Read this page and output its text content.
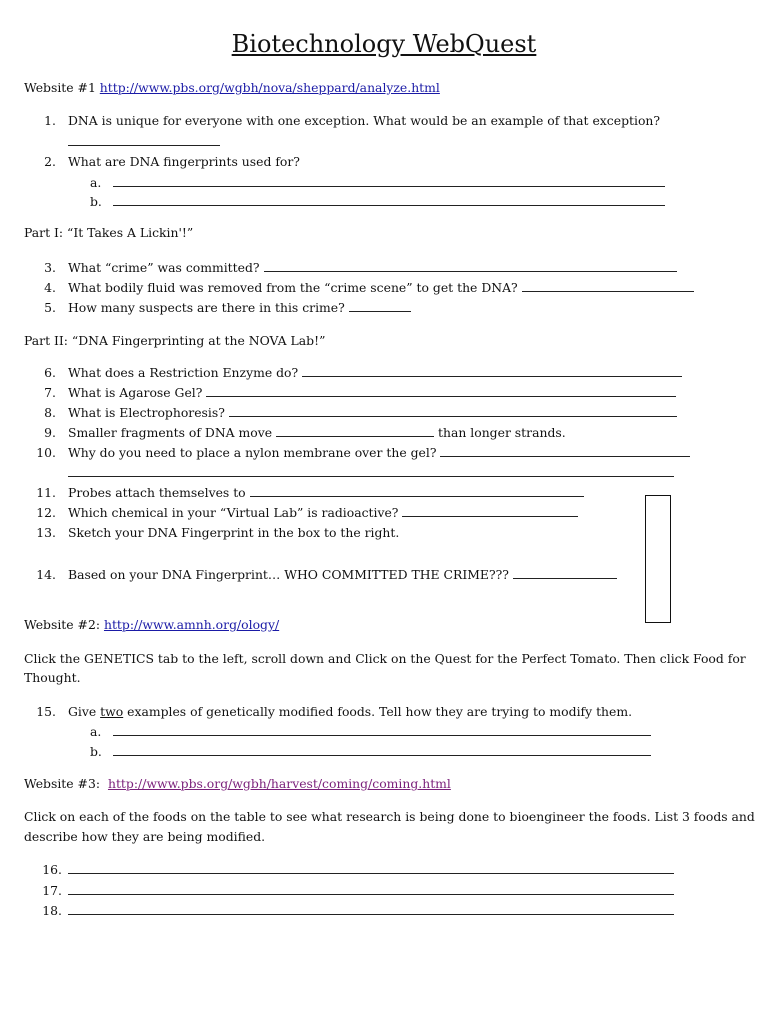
Biotechnology WebQuest
Website #1 http://www.pbs.org/wgbh/nova/sheppard/analyze.html
1. DNA is unique for everyone with one exception. What would be an example of that exception?
2. What are DNA fingerprints used for?
a.
b.
Part I: “It Takes A Lickin'!”
3. What “crime” was committed?
4. What bodily fluid was removed from the “crime scene” to get the DNA?
5. How many suspects are there in this crime?
Part II: “DNA Fingerprinting at the NOVA Lab!”
6. What does a Restriction Enzyme do?
7. What is Agarose Gel?
8. What is Electrophoresis?
9. Smaller fragments of DNA move	than longer strands.
10. Why do you need to place a nylon membrane over the gel?
11. Probes attach themselves to
12. Which chemical in your “Virtual Lab” is radioactive?
13. Sketch your DNA Fingerprint in the box to the right.
14. Based on your DNA Fingerprint… WHO COMMITTED THE CRIME???
Website #2: http://www.amnh.org/ology/
Click the GENETICS tab to the left, scroll down and Click on the Quest for the Perfect Tomato. Then click Food for
Thought.
15. Give two examples of genetically modified foods. Tell how they are trying to modify them.
a.
b.
Website #3: http://www.pbs.org/wgbh/harvest/coming/coming.html
Click on each of the foods on the table to see what research is being done to bioengineer the foods. List 3 foods and
describe how they are being modified.
16.
17.
18.
